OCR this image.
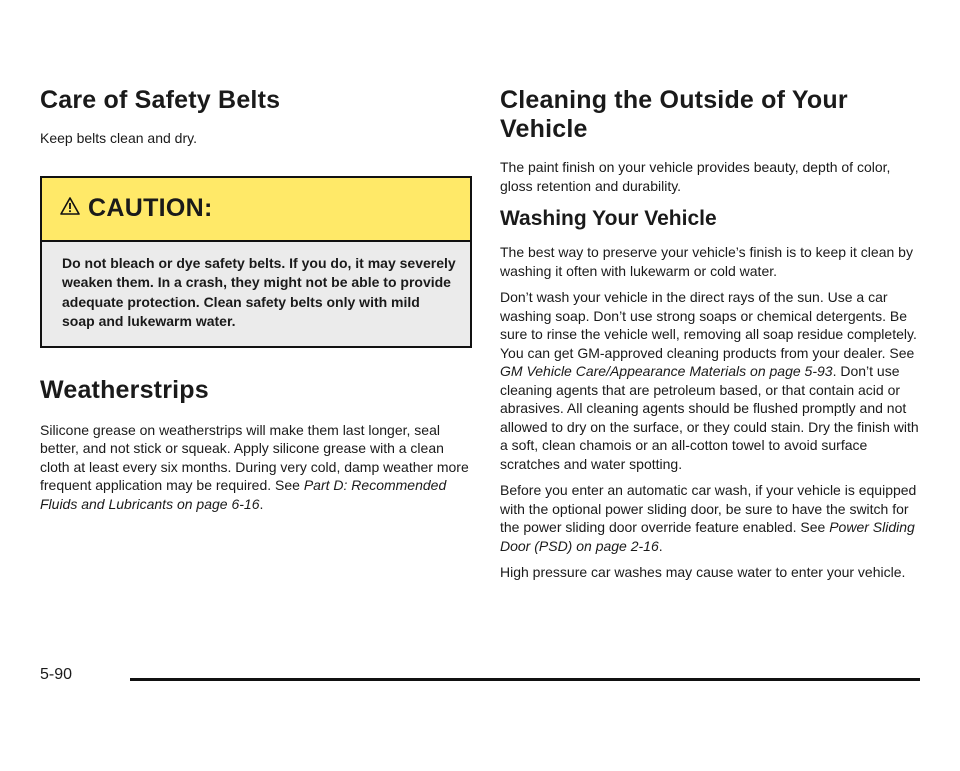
Care of Safety Belts

Keep belts clean and dry.

CAUTION:
Do not bleach or dye safety belts. If you do, it may severely weaken them. In a crash, they might not be able to provide adequate protection. Clean safety belts only with mild soap and lukewarm water.
Weatherstrips

Silicone grease on weatherstrips will make them last longer, seal better, and not stick or squeak. Apply silicone grease with a clean cloth at least every six months. During very cold, damp weather more frequent application may be required. See Part D: Recommended Fluids and Lubricants on page 6-16.

Cleaning the Outside of Your Vehicle

The paint finish on your vehicle provides beauty, depth of color, gloss retention and durability.

Washing Your Vehicle

The best way to preserve your vehicle’s finish is to keep it clean by washing it often with lukewarm or cold water.

Don’t wash your vehicle in the direct rays of the sun. Use a car washing soap. Don’t use strong soaps or chemical detergents. Be sure to rinse the vehicle well, removing all soap residue completely. You can get GM-approved cleaning products from your dealer. See GM Vehicle Care/Appearance Materials on page 5-93. Don’t use cleaning agents that are petroleum based, or that contain acid or abrasives. All cleaning agents should be flushed promptly and not allowed to dry on the surface, or they could stain. Dry the finish with a soft, clean chamois or an all-cotton towel to avoid surface scratches and water spotting.

Before you enter an automatic car wash, if your vehicle is equipped with the optional power sliding door, be sure to have the switch for the power sliding door override feature enabled. See Power Sliding Door (PSD) on page 2-16.

High pressure car washes may cause water to enter your vehicle.

5-90
